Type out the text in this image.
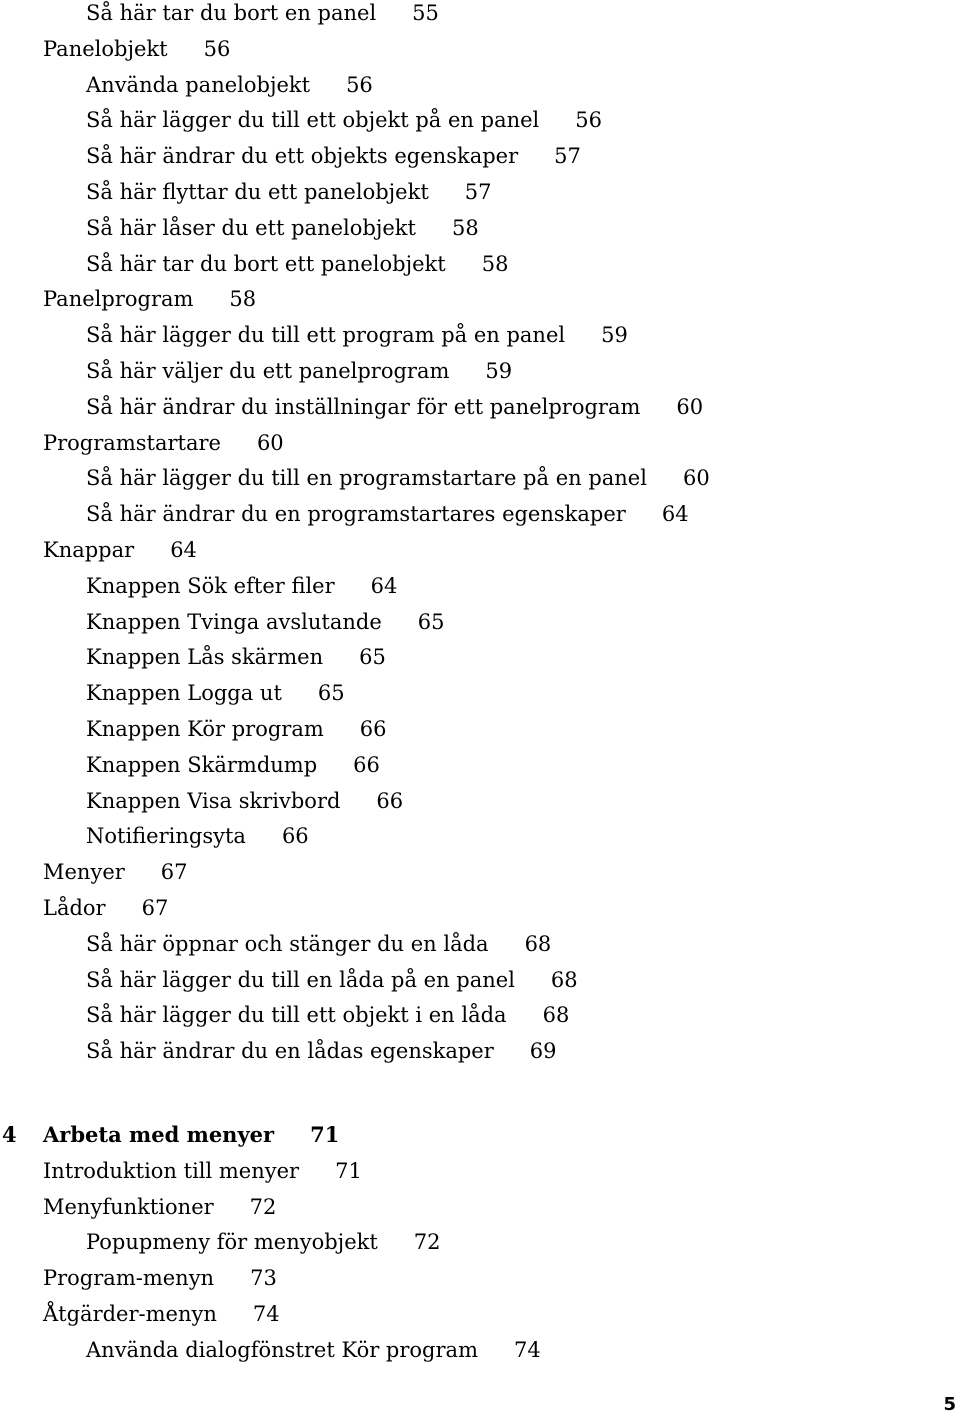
Så här tar du bort en panel 55
Panelobjekt 56
Använda panelobjekt 56
Så här lägger du till ett objekt på en panel 56
Så här ändrar du ett objekts egenskaper 57
Så här flyttar du ett panelobjekt 57
Så här låser du ett panelobjekt 58
Så här tar du bort ett panelobjekt 58
Panelprogram 58
Så här lägger du till ett program på en panel 59
Så här väljer du ett panelprogram 59
Så här ändrar du inställningar för ett panelprogram 60
Programstartare 60
Så här lägger du till en programstartare på en panel 60
Så här ändrar du en programstartares egenskaper 64
Knappar 64
Knappen Sök efter filer 64
Knappen Tvinga avslutande 65
Knappen Lås skärmen 65
Knappen Logga ut 65
Knappen Kör program 66
Knappen Skärmdump 66
Knappen Visa skrivbord 66
Notifieringsyta 66
Menyer 67
Lådor 67
Så här öppnar och stänger du en låda 68
Så här lägger du till en låda på en panel 68
Så här lägger du till ett objekt i en låda 68
Så här ändrar du en lådas egenskaper 69
4 Arbeta med menyer 71
Introduktion till menyer 71
Menyfunktioner 72
Popupmeny för menyobjekt 72
Program-menyn 73
Åtgärder-menyn 74
Använda dialogfönstret Kör program 74
5
